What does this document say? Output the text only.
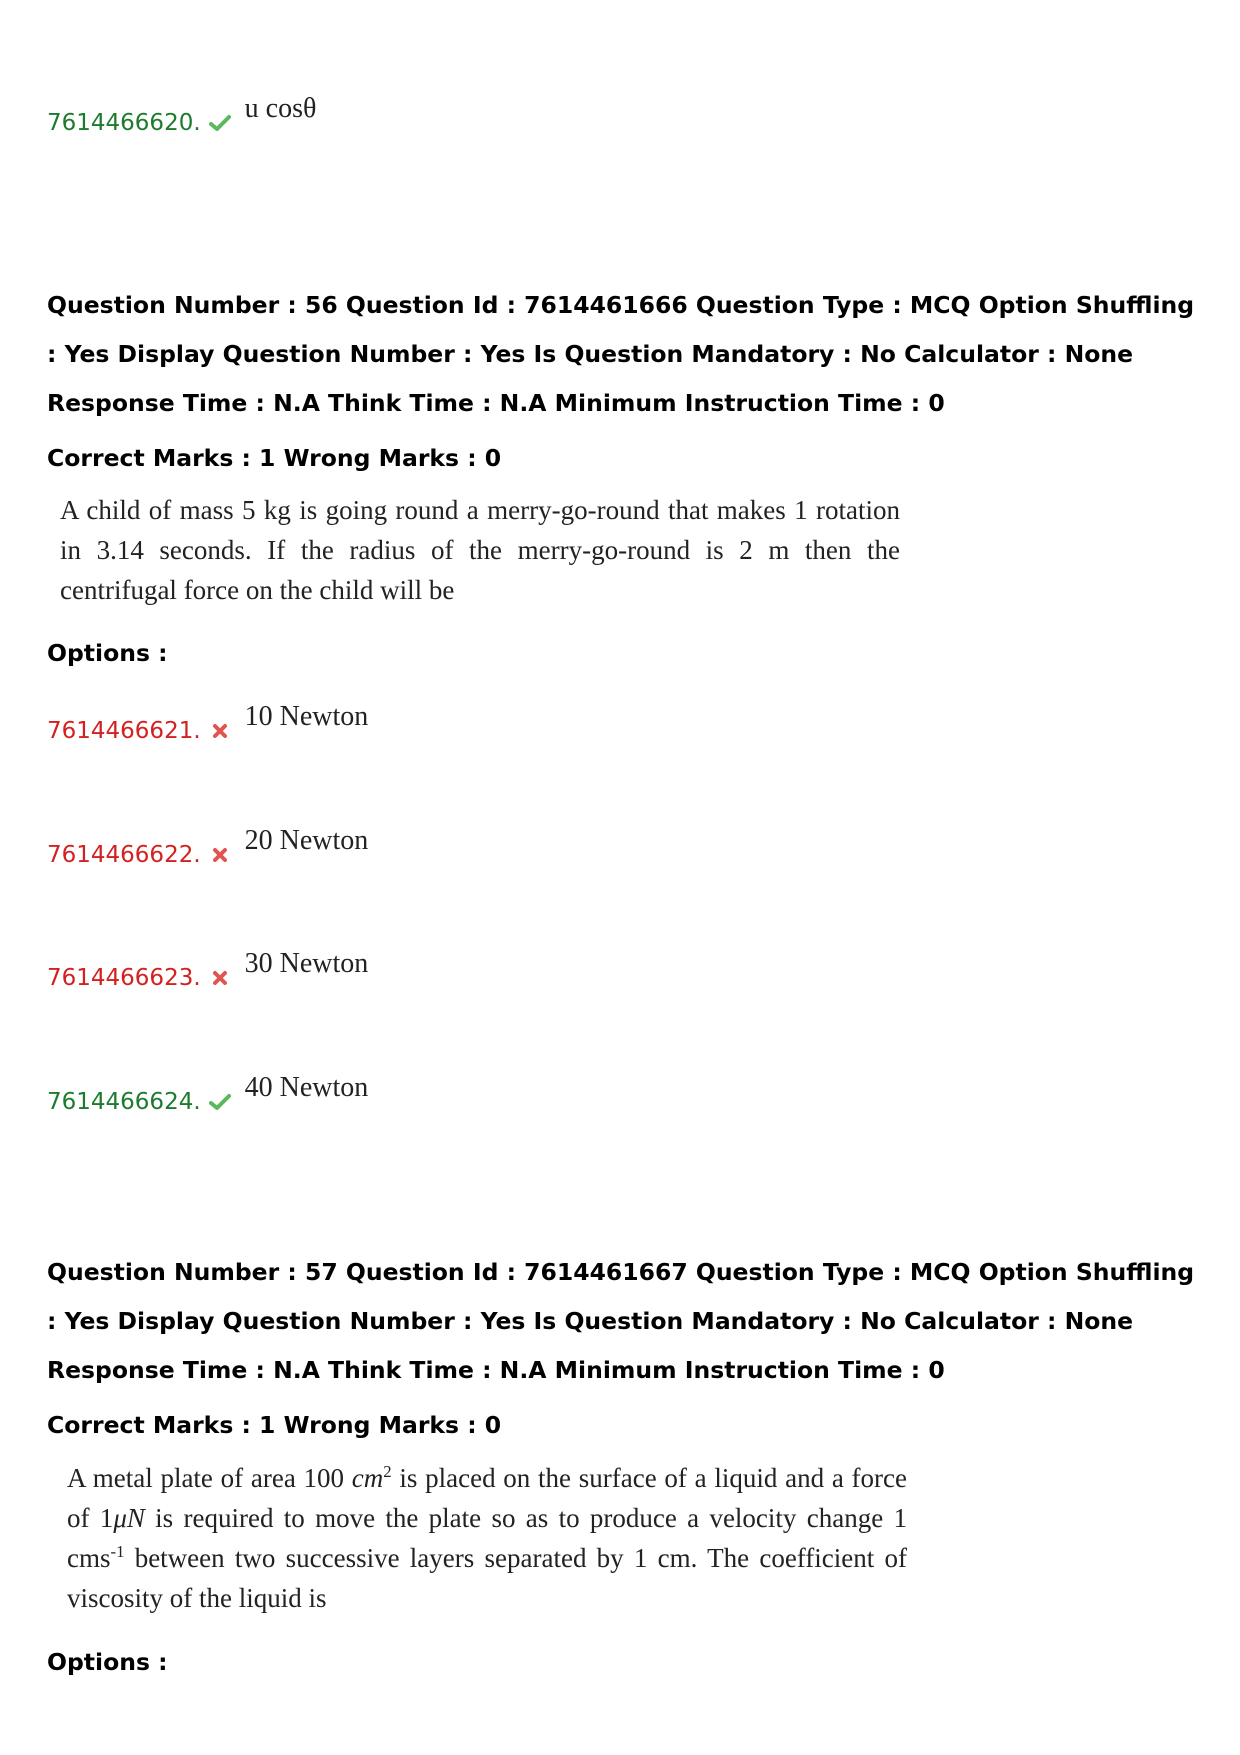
7614466620. u cosθ
Question Number : 56 Question Id : 7614461666 Question Type : MCQ Option Shuffling : Yes Display Question Number : Yes Is Question Mandatory : No Calculator : None Response Time : N.A Think Time : N.A Minimum Instruction Time : 0
Correct Marks : 1 Wrong Marks : 0
A child of mass 5 kg is going round a merry-go-round that makes 1 rotation in 3.14 seconds. If the radius of the merry-go-round is 2 m then the centrifugal force on the child will be
Options :
7614466621. 10 Newton
7614466622. 20 Newton
7614466623. 30 Newton
7614466624. 40 Newton
Question Number : 57 Question Id : 7614461667 Question Type : MCQ Option Shuffling : Yes Display Question Number : Yes Is Question Mandatory : No Calculator : None Response Time : N.A Think Time : N.A Minimum Instruction Time : 0
Correct Marks : 1 Wrong Marks : 0
A metal plate of area 100 $cm^2$ is placed on the surface of a liquid and a force of 1μN is required to move the plate so as to produce a velocity change 1 cms$^{-1}$ between two successive layers separated by 1 cm. The coefficient of viscosity of the liquid is
Options :
